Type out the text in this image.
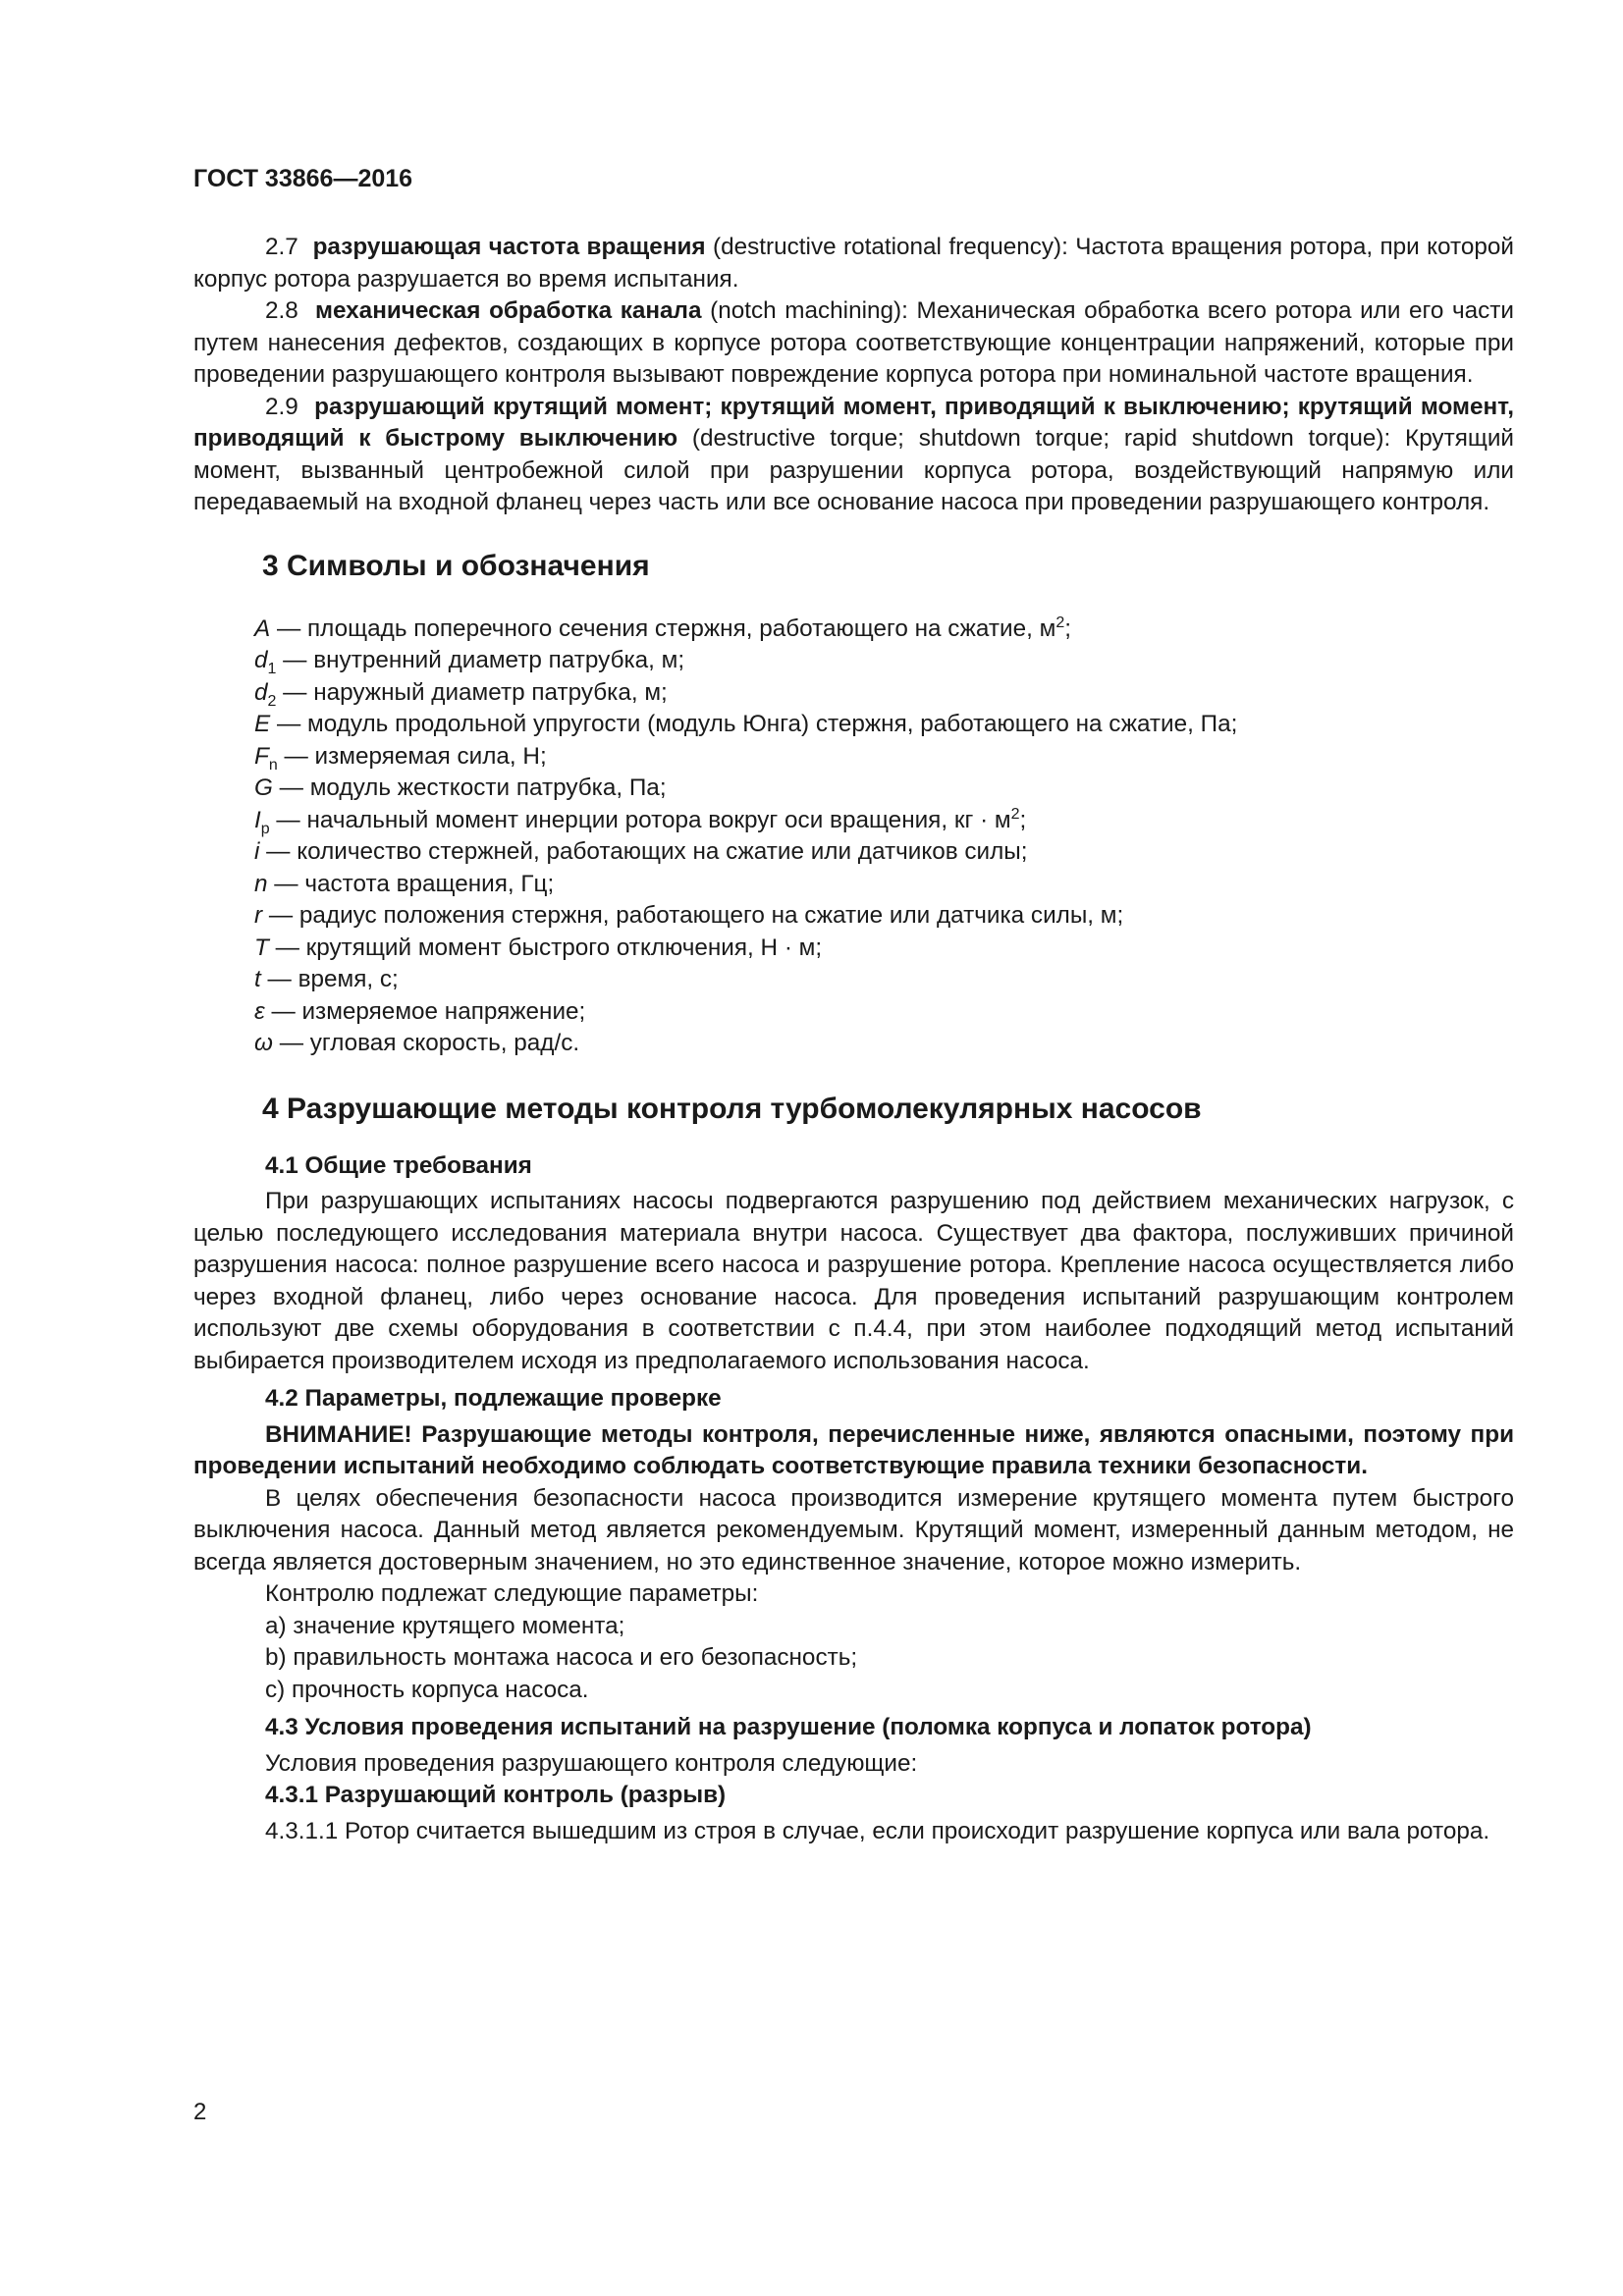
ГОСТ 33866—2016

2.7 разрушающая частота вращения (destructive rotational frequency): Частота вращения ротора, при которой корпус ротора разрушается во время испытания.

2.8 механическая обработка канала (notch machining): Механическая обработка всего ротора или его части путем нанесения дефектов, создающих в корпусе ротора соответствующие концентрации напряжений, которые при проведении разрушающего контроля вызывают повреждение корпуса ротора при номинальной частоте вращения.

2.9 разрушающий крутящий момент; крутящий момент, приводящий к выключению; крутящий момент, приводящий к быстрому выключению (destructive torque; shutdown torque; rapid shutdown torque): Крутящий момент, вызванный центробежной силой при разрушении корпуса ротора, воздействующий напрямую или передаваемый на входной фланец через часть или все основание насоса при проведении разрушающего контроля.

3 Символы и обозначения
A — площадь поперечного сечения стержня, работающего на сжатие, $м^2$;
$d_1$ — внутренний диаметр патрубка, м;
$d_2$ — наружный диаметр патрубка, м;
E — модуль продольной упругости (модуль Юнга) стержня, работающего на сжатие, Па;
$F_n$ — измеряемая сила, Н;
G — модуль жесткости патрубка, Па;
$I_p$ — начальный момент инерции ротора вокруг оси вращения, кг · $м^2$;
i — количество стержней, работающих на сжатие или датчиков силы;
n — частота вращения, Гц;
r — радиус положения стержня, работающего на сжатие или датчика силы, м;
T — крутящий момент быстрого отключения, Н · м;
t — время, с;
ε — измеряемое напряжение;
ω — угловая скорость, рад/с.
4 Разрушающие методы контроля турбомолекулярных насосов
4.1 Общие требования

При разрушающих испытаниях насосы подвергаются разрушению под действием механических нагрузок, с целью последующего исследования материала внутри насоса. Существует два фактора, послуживших причиной разрушения насоса: полное разрушение всего насоса и разрушение ротора. Крепление насоса осуществляется либо через входной фланец, либо через основание насоса. Для проведения испытаний разрушающим контролем используют две схемы оборудования в соответствии с п.4.4, при этом наиболее подходящий метод испытаний выбирается производителем исходя из предполагаемого использования насоса.

4.2 Параметры, подлежащие проверке

ВНИМАНИЕ! Разрушающие методы контроля, перечисленные ниже, являются опасными, поэтому при проведении испытаний необходимо соблюдать соответствующие правила техники безопасности.

В целях обеспечения безопасности насоса производится измерение крутящего момента путем быстрого выключения насоса. Данный метод является рекомендуемым. Крутящий момент, измеренный данным методом, не всегда является достоверным значением, но это единственное значение, которое можно измерить.

Контролю подлежат следующие параметры:

a) значение крутящего момента;
b) правильность монтажа насоса и его безопасность;
c) прочность корпуса насоса.
4.3 Условия проведения испытаний на разрушение (поломка корпуса и лопаток ротора)

Условия проведения разрушающего контроля следующие:

4.3.1 Разрушающий контроль (разрыв)

4.3.1.1 Ротор считается вышедшим из строя в случае, если происходит разрушение корпуса или вала ротора.

2
